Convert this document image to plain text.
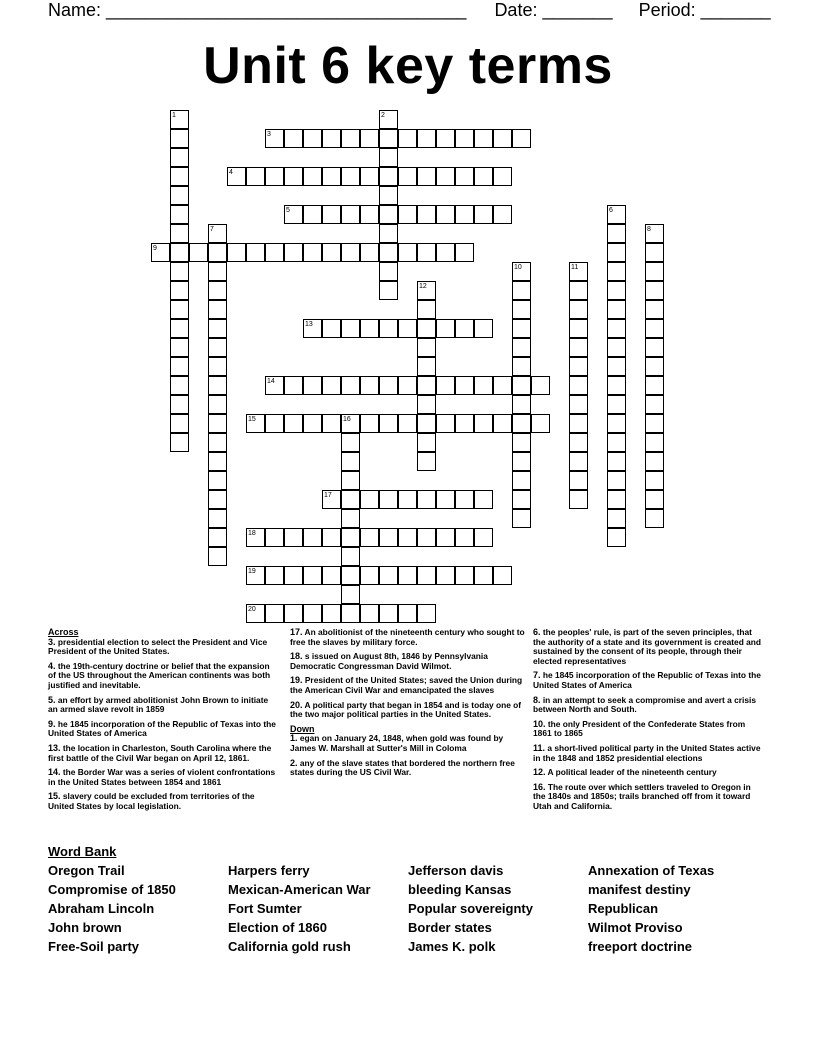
Name: ____________________________________ Date: _______ Period: _______
Unit 6 key terms
1	2
3
4
5	6
7	8
9
10	11
12
13
14
15	16
17
18
19
20
Across

3. presidential election to select the President and Vice President of the United States.

4. the 19th-century doctrine or belief that the expansion of the US throughout the American continents was both justified and inevitable.

5. an effort by armed abolitionist John Brown to initiate an armed slave revolt in 1859

9. he 1845 incorporation of the Republic of Texas into the United States of America

13. the location in Charleston, South Carolina where the first battle of the Civil War began on April 12, 1861.

14. the Border War was a series of violent confrontations in the United States between 1854 and 1861

15. slavery could be excluded from territories of the United States by local legislation.

17. An abolitionist of the nineteenth century who sought to free the slaves by military force.

18. s issued on August 8th, 1846 by Pennsylvania Democratic Congressman David Wilmot.

19. President of the United States; saved the Union during the American Civil War and emancipated the slaves

20. A political party that began in 1854 and is today one of the two major political parties in the United States.

Down

1. egan on January 24, 1848, when gold was found by James W. Marshall at Sutter's Mill in Coloma

2. any of the slave states that bordered the northern free states during the US Civil War.

6. the peoples' rule, is part of the seven principles, that the authority of a state and its government is created and sustained by the consent of its people, through their elected representatives

7. he 1845 incorporation of the Republic of Texas into the United States of America

8. in an attempt to seek a compromise and avert a crisis between North and South.

10. the only President of the Confederate States from 1861 to 1865

11. a short-lived political party in the United States active in the 1848 and 1852 presidential elections

12. A political leader of the nineteenth century

16. The route over which settlers traveled to Oregon in the 1840s and 1850s; trails branched off from it toward Utah and California.

Word Bank
Oregon Trail	Harpers ferry	Jefferson davis	Annexation of Texas
Compromise of 1850	Mexican-American War	bleeding Kansas	manifest destiny
Abraham Lincoln	Fort Sumter	Popular sovereignty	Republican
John brown	Election of 1860	Border states	Wilmot Proviso
Free-Soil party	California gold rush	James K. polk	freeport doctrine
